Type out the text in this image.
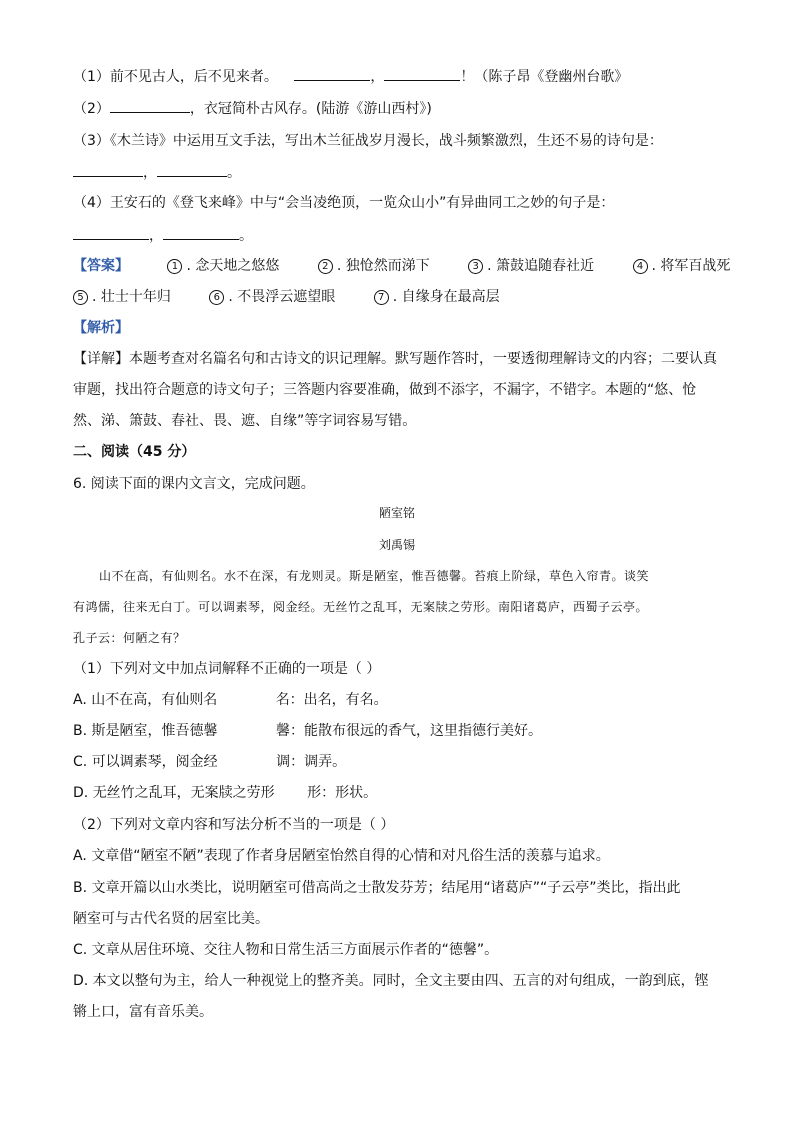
（1）前不见古人，后不见来者。	，	！（陈子昂《登幽州台歌》
（2）	，衣冠简朴古风存。(陆游《游山西村》)
（3）《木兰诗》中运用互文手法，写出木兰征战岁月漫长，战斗频繁激烈，生还不易的诗句是：
，	。
（4）王安石的《登飞来峰》中与“会当凌绝顶，一览众山小”有异曲同工之妙的句子是：
，	。
【答案】	1 . 念天地之悠悠	2 . 独怆然而涕下	3 . 箫鼓追随春社近	4 . 将军百战死
5 . 壮士十年归	6 . 不畏浮云遮望眼	7 . 自缘身在最高层
【解析】
【详解】本题考查对名篇名句和古诗文的识记理解。默写题作答时，一要透彻理解诗文的内容；二要认真
审题，找出符合题意的诗文句子；三答题内容要准确，做到不添字，不漏字，不错字。本题的“悠、怆
然、涕、箫鼓、春社、畏、遮、自缘”等字词容易写错。
二、阅读（45 分）
6. 阅读下面的课内文言文，完成问题。
陋室铭
刘禹锡
山不在高，有仙则名。水不在深，有龙则灵。斯是陋室，惟吾德馨。苔痕上阶绿，草色入帘青。谈笑
有鸿儒，往来无白丁。可以调素琴，阅金经。无丝竹之乱耳，无案牍之劳形。南阳诸葛庐，西蜀子云亭。
孔子云：何陋之有？
（1）下列对文中加点词解释不正确的一项是（ ）
A. 山不在高，有仙则名	名：出名，有名。
B. 斯是陋室，惟吾德馨	馨：能散布很远的香气，这里指德行美好。
C. 可以调素琴，阅金经	调：调弄。
D. 无丝竹之乱耳，无案牍之劳形 形：形状。
（2）下列对文章内容和写法分析不当的一项是（ ）
A. 文章借“陋室不陋”表现了作者身居陋室怡然自得的心情和对凡俗生活的羡慕与追求。
B. 文章开篇以山水类比，说明陋室可借高尚之士散发芬芳；结尾用“诸葛庐”“子云亭”类比，指出此
陋室可与古代名贤的居室比美。
C. 文章从居住环境、交往人物和日常生活三方面展示作者的“德馨”。
D. 本文以整句为主，给人一种视觉上的整齐美。同时，全文主要由四、五言的对句组成，一韵到底，铿
锵上口，富有音乐美。
